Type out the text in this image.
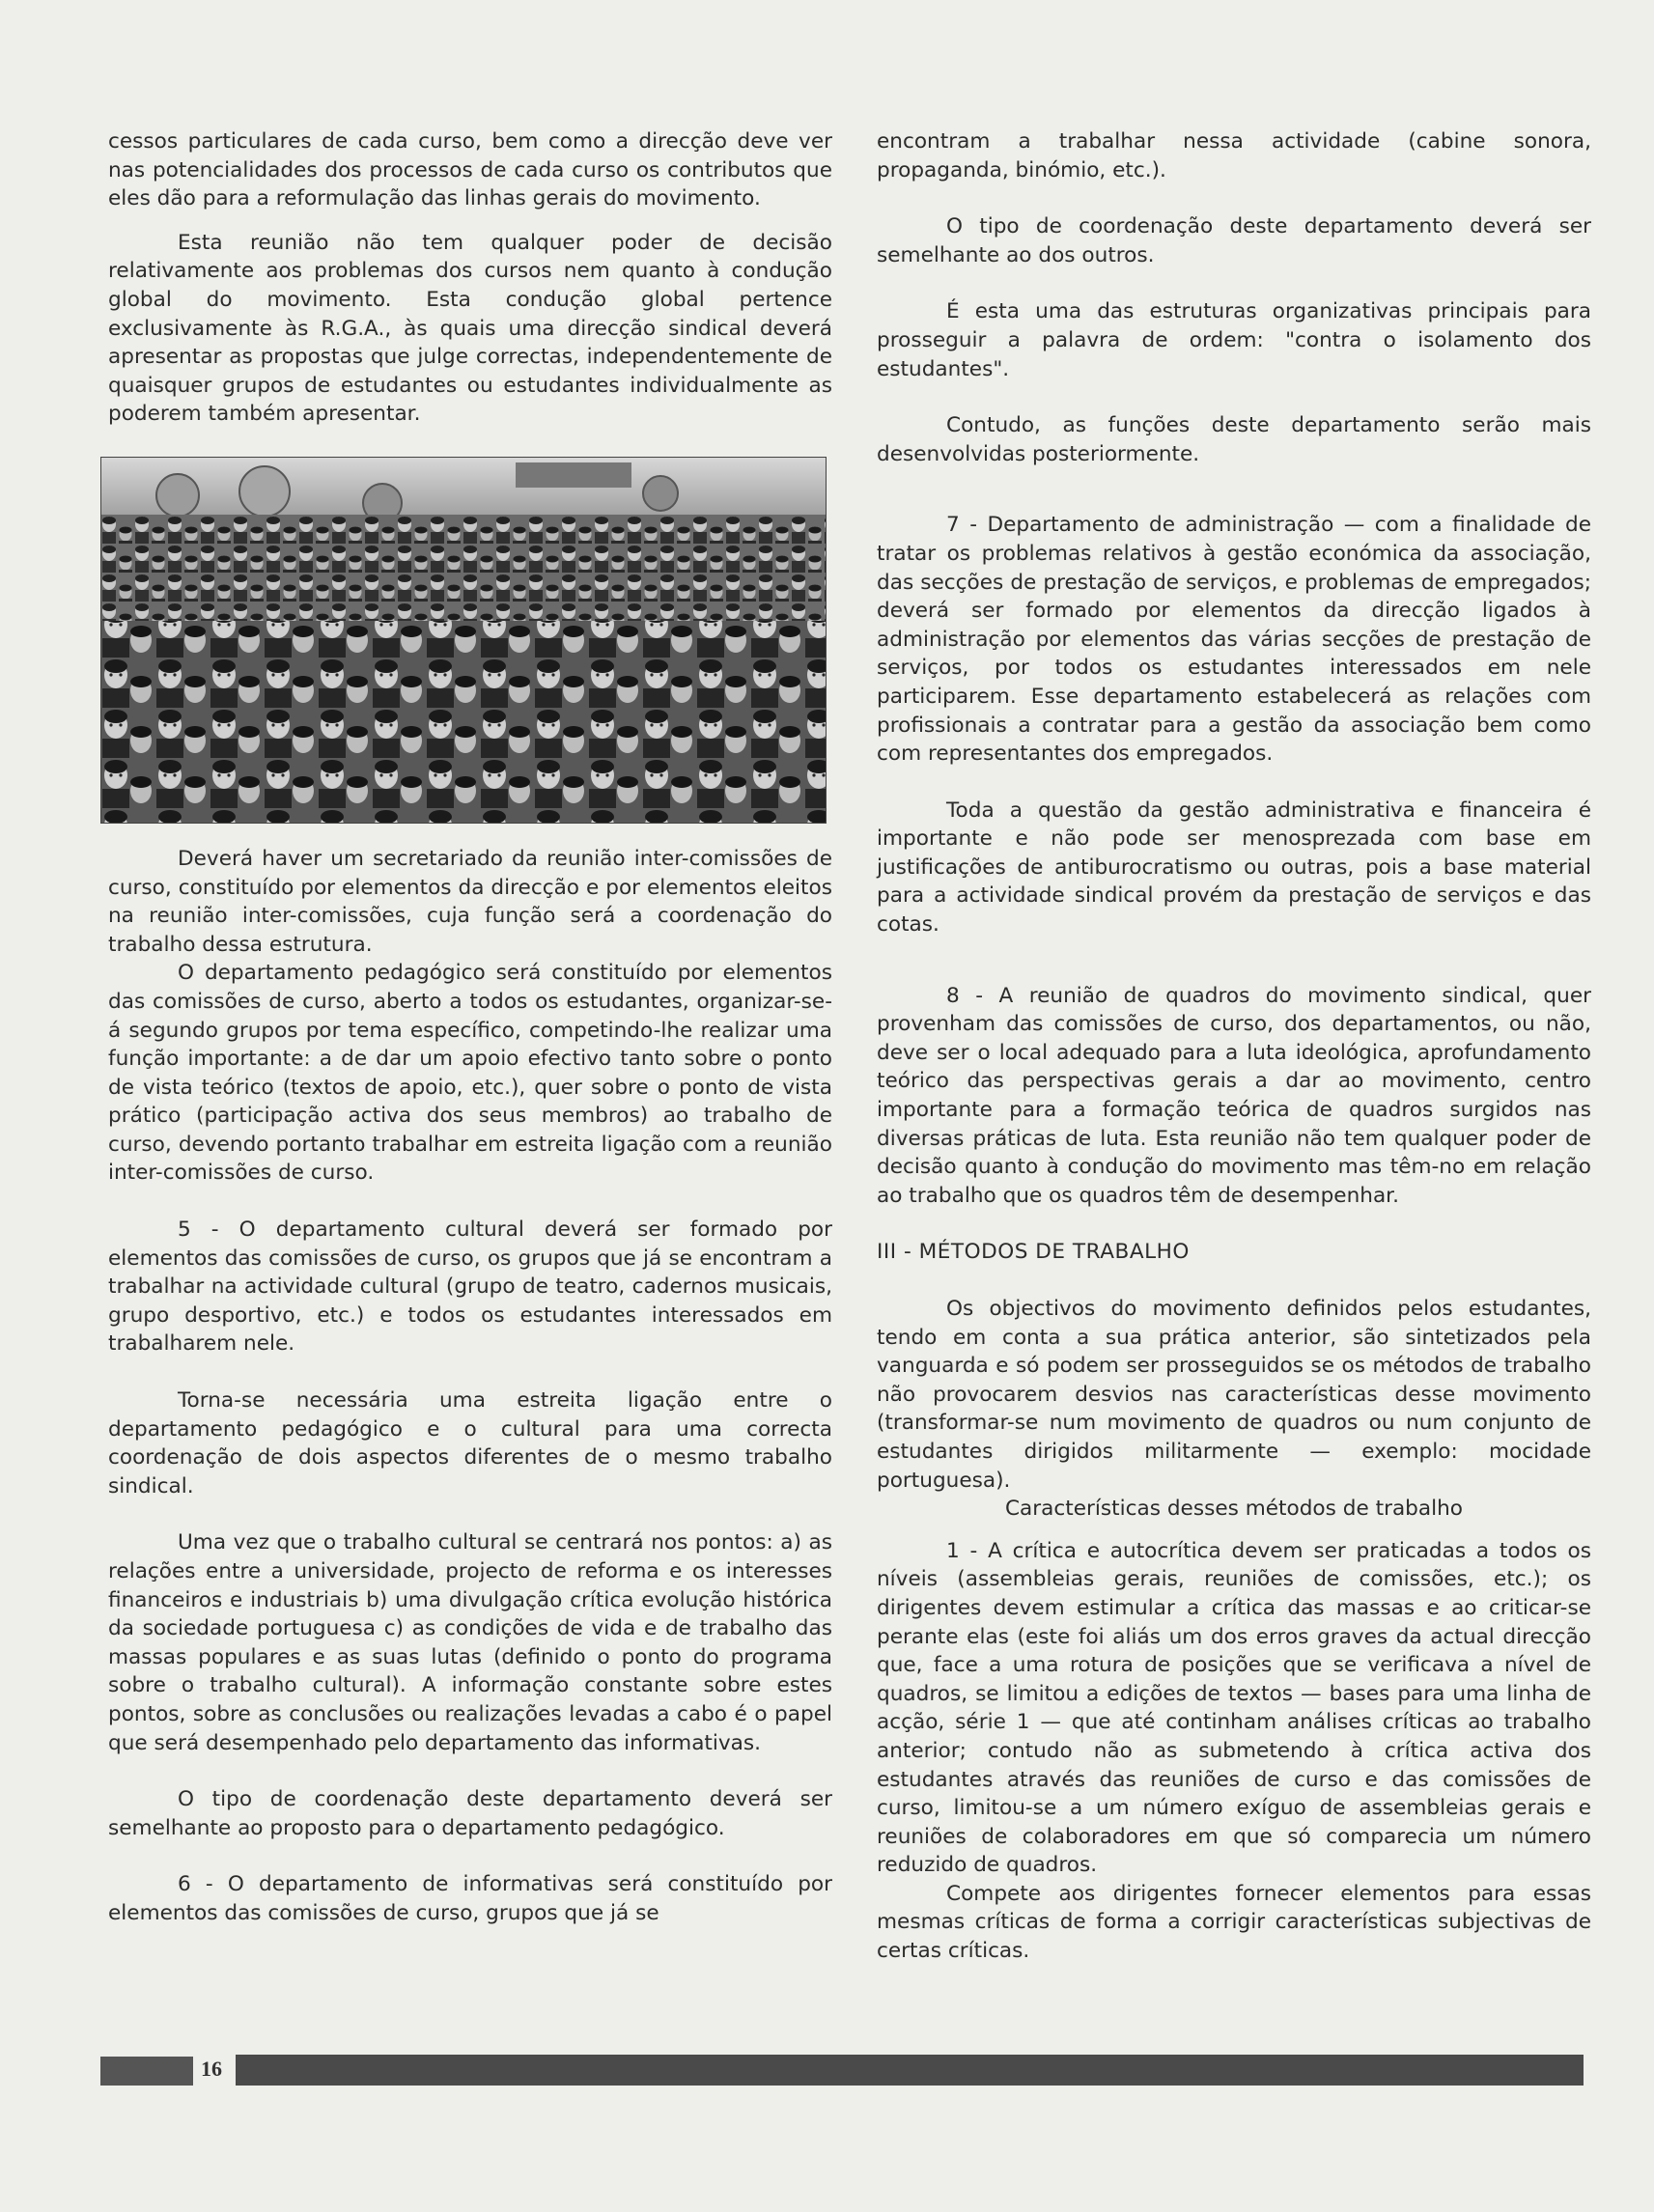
cessos particulares de cada curso, bem como a direcção deve ver nas potencialidades dos processos de cada curso os contributos que eles dão para a reformulação das linhas gerais do movimento.

Esta reunião não tem qualquer poder de decisão relativamente aos problemas dos cursos nem quanto à condução global do movimento. Esta condução global pertence exclusivamente às R.G.A., às quais uma direcção sindical deverá apresentar as propostas que julge correctas, independentemente de quaisquer grupos de estudantes ou estudantes individualmente as poderem também apresentar.

Deverá haver um secretariado da reunião inter-comissões de curso, constituído por elementos da direcção e por elementos eleitos na reunião inter-comissões, cuja função será a coordenação do trabalho dessa estrutura.

O departamento pedagógico será constituído por elementos das comissões de curso, aberto a todos os estudantes, organizar-se-á segundo grupos por tema específico, competindo-lhe realizar uma função importante: a de dar um apoio efectivo tanto sobre o ponto de vista teórico (textos de apoio, etc.), quer sobre o ponto de vista prático (participação activa dos seus membros) ao trabalho de curso, devendo portanto trabalhar em estreita ligação com a reunião inter-comissões de curso.

5 - O departamento cultural deverá ser formado por elementos das comissões de curso, os grupos que já se encontram a trabalhar na actividade cultural (grupo de teatro, cadernos musicais, grupo desportivo, etc.) e todos os estudantes interessados em trabalharem nele.

Torna-se necessária uma estreita ligação entre o departamento pedagógico e o cultural para uma correcta coordenação de dois aspectos diferentes de o mesmo trabalho sindical.

Uma vez que o trabalho cultural se centrará nos pontos: a) as relações entre a universidade, projecto de reforma e os interesses financeiros e industriais b) uma divulgação crítica evolução histórica da sociedade portuguesa c) as condições de vida e de trabalho das massas populares e as suas lutas (definido o ponto do programa sobre o trabalho cultural). A informação constante sobre estes pontos, sobre as conclusões ou realizações levadas a cabo é o papel que será desempenhado pelo departamento das informativas.

O tipo de coordenação deste departamento deverá ser semelhante ao proposto para o departamento pedagógico.

6 - O departamento de informativas será constituído por elementos das comissões de curso, grupos que já se

encontram a trabalhar nessa actividade (cabine sonora, propaganda, binómio, etc.).

O tipo de coordenação deste departamento deverá ser semelhante ao dos outros.

É esta uma das estruturas organizativas principais para prosseguir a palavra de ordem: "contra o isolamento dos estudantes".

Contudo, as funções deste departamento serão mais desenvolvidas posteriormente.

7 - Departamento de administração — com a finalidade de tratar os problemas relativos à gestão económica da associação, das secções de prestação de serviços, e problemas de empregados; deverá ser formado por elementos da direcção ligados à administração por elementos das várias secções de prestação de serviços, por todos os estudantes interessados em nele participarem. Esse departamento estabelecerá as relações com profissionais a contratar para a gestão da associação bem como com representantes dos empregados.

Toda a questão da gestão administrativa e financeira é importante e não pode ser menosprezada com base em justificações de antiburocratismo ou outras, pois a base material para a actividade sindical provém da prestação de serviços e das cotas.

8 - A reunião de quadros do movimento sindical, quer provenham das comissões de curso, dos departamentos, ou não, deve ser o local adequado para a luta ideológica, aprofundamento teórico das perspectivas gerais a dar ao movimento, centro importante para a formação teórica de quadros surgidos nas diversas práticas de luta. Esta reunião não tem qualquer poder de decisão quanto à condução do movimento mas têm-no em relação ao trabalho que os quadros têm de desempenhar.

III - MÉTODOS DE TRABALHO

Os objectivos do movimento definidos pelos estudantes, tendo em conta a sua prática anterior, são sintetizados pela vanguarda e só podem ser prosseguidos se os métodos de trabalho não provocarem desvios nas características desse movimento (transformar-se num movimento de quadros ou num conjunto de estudantes dirigidos militarmente — exemplo: mocidade portuguesa).

Características desses métodos de trabalho

1 - A crítica e autocrítica devem ser praticadas a todos os níveis (assembleias gerais, reuniões de comissões, etc.); os dirigentes devem estimular a crítica das massas e ao criticar-se perante elas (este foi aliás um dos erros graves da actual direcção que, face a uma rotura de posições que se verificava a nível de quadros, se limitou a edições de textos — bases para uma linha de acção, série 1 — que até continham análises críticas ao trabalho anterior; contudo não as submetendo à crítica activa dos estudantes através das reuniões de curso e das comissões de curso, limitou-se a um número exíguo de assembleias gerais e reuniões de colaboradores em que só comparecia um número reduzido de quadros.

Compete aos dirigentes fornecer elementos para essas mesmas críticas de forma a corrigir características subjectivas de certas críticas.

16
